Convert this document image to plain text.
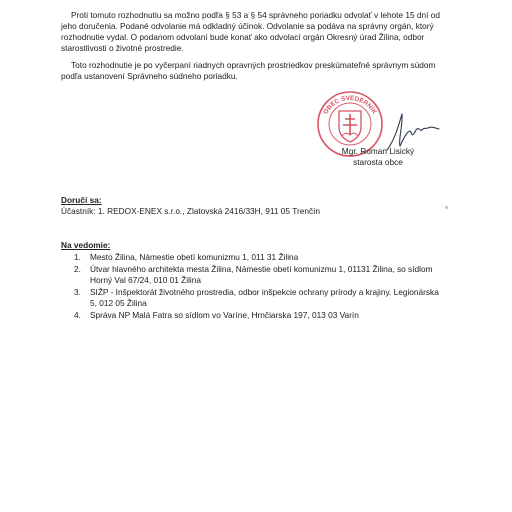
Proti tomuto rozhodnutiu sa možno podľa § 53 a § 54 správneho poriadku odvolať v lehote 15 dní od
jeho doručenia. Podané odvolanie má odkladný účinok. Odvolanie sa podáva na správny orgán, ktorý
rozhodnutie vydal. O podanom odvolaní bude konať ako odvolací orgán Okresný úrad Žilina, odbor
starostlivosti o životné prostredie.
Toto rozhodnutie je po vyčerpaní riadnych opravných prostriedkov preskúmateľné správnym súdom
podľa ustanovení Správneho súdneho poriadku.
OBEC SVEDERNÍK
Mgr. Roman Lisický
starosta obce
Doručí sa:
Účastník: 1. REDOX-ENEX s.r.o., Zlatovská 2416/33H, 911 05 Trenčín
Na vedomie:
1. Mesto Žilina, Námestie obetí komunizmu 1, 011 31 Žilina
2. Útvar hlavného architekta mesta Žilina, Námestie obetí komunizmu 1, 01131 Žilina, so sídlom
Horný Val 67/24, 010 01 Žilina
3. SIŽP - Inšpektorát životného prostredia, odbor inšpekcie ochrany prírody a krajiny. Legionárska
5, 012 05 Žilina
4. Správa NP Malá Fatra so sídlom vo Varíne, Hrnčiarska 197, 013 03 Varín
